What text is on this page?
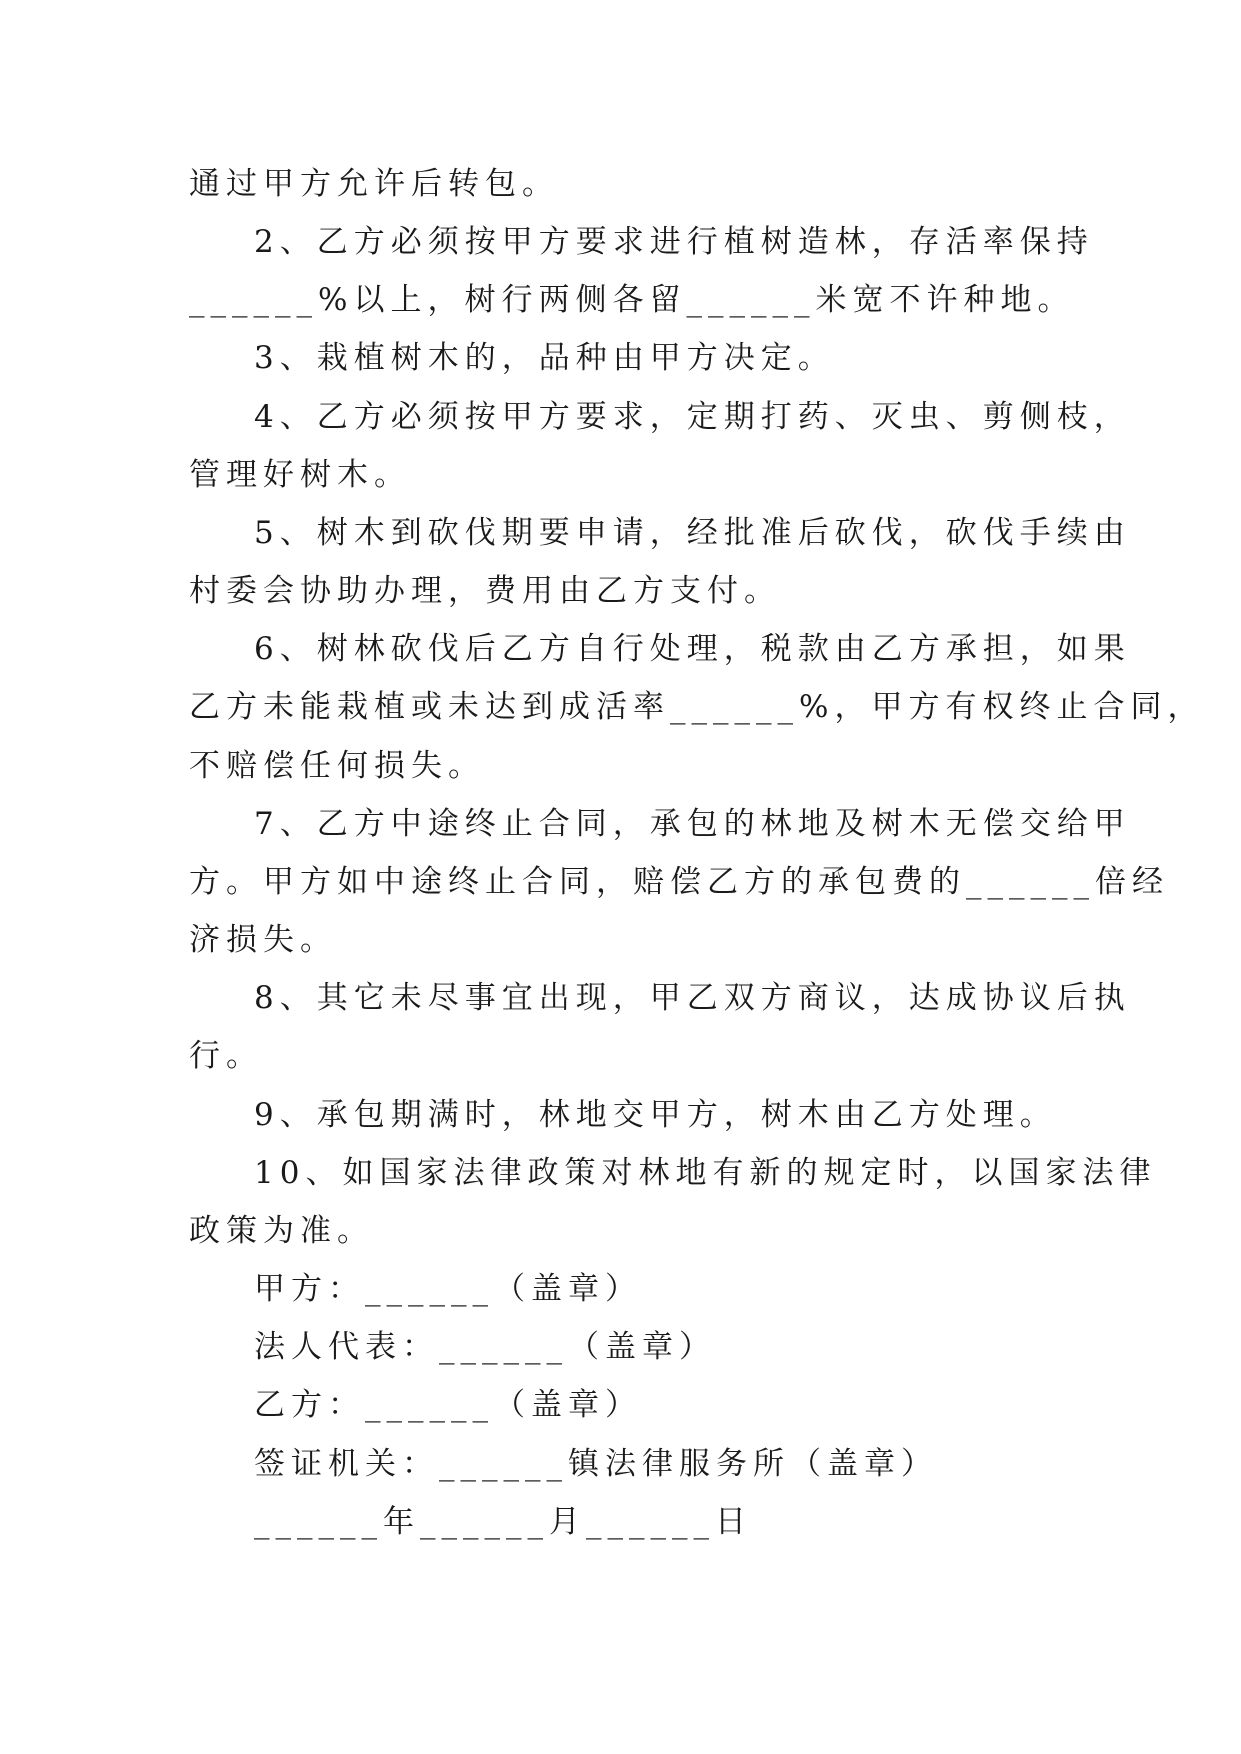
通过甲方允许后转包。
2、乙方必须按甲方要求进行植树造林，存活率保持
______%以上，树行两侧各留______米宽不许种地。
3、栽植树木的，品种由甲方决定。
4、乙方必须按甲方要求，定期打药、灭虫、剪侧枝，
管理好树木。
5、树木到砍伐期要申请，经批准后砍伐，砍伐手续由
村委会协助办理，费用由乙方支付。
6、树林砍伐后乙方自行处理，税款由乙方承担，如果
乙方未能栽植或未达到成活率______%，甲方有权终止合同，
不赔偿任何损失。
7、乙方中途终止合同，承包的林地及树木无偿交给甲
方。甲方如中途终止合同，赔偿乙方的承包费的______倍经
济损失。
8、其它未尽事宜出现，甲乙双方商议，达成协议后执
行。
9、承包期满时，林地交甲方，树木由乙方处理。
10、如国家法律政策对林地有新的规定时，以国家法律
政策为准。
甲方：______（盖章）
法人代表：______（盖章）
乙方：______（盖章）
签证机关：______镇法律服务所（盖章）
______年______月______日
